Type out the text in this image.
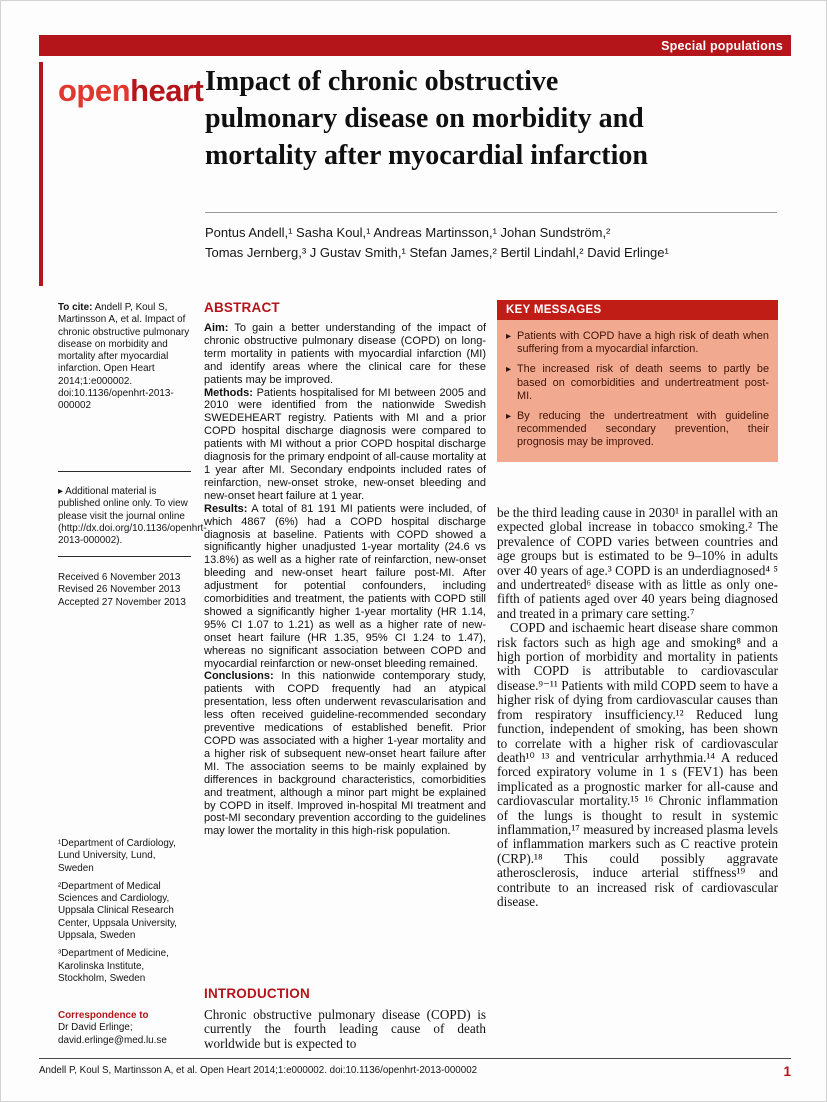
Special populations
openheart Impact of chronic obstructive
pulmonary disease on morbidity and
mortality after myocardial infarction
Pontus Andell,¹ Sasha Koul,¹ Andreas Martinsson,¹ Johan Sundström,²
Tomas Jernberg,³ J Gustav Smith,¹ Stefan James,² Bertil Lindahl,² David Erlinge¹

To cite: Andell P, Koul S, Martinsson A, et al. Impact of chronic obstructive pulmonary disease on morbidity and mortality after myocardial infarction. Open Heart 2014;1:e000002. doi:10.1136/openhrt-2013-000002

▸ Additional material is published online only. To view please visit the journal online (http://dx.doi.org/10.1136/openhrt-2013-000002).

Received 6 November 2013

Revised 26 November 2013

Accepted 27 November 2013

¹Department of Cardiology, Lund University, Lund, Sweden

²Department of Medical Sciences and Cardiology, Uppsala Clinical Research Center, Uppsala University, Uppsala, Sweden

³Department of Medicine, Karolinska Institute, Stockholm, Sweden

Correspondence to
Dr David Erlinge; david.erlinge@med.lu.se
ABSTRACT

Aim: To gain a better understanding of the impact of chronic obstructive pulmonary disease (COPD) on long-term mortality in patients with myocardial infarction (MI) and identify areas where the clinical care for these patients may be improved.

Methods: Patients hospitalised for MI between 2005 and 2010 were identified from the nationwide Swedish SWEDEHEART registry. Patients with MI and a prior COPD hospital discharge diagnosis were compared to patients with MI without a prior COPD hospital discharge diagnosis for the primary endpoint of all-cause mortality at 1 year after MI. Secondary endpoints included rates of reinfarction, new-onset stroke, new-onset bleeding and new-onset heart failure at 1 year.

Results: A total of 81 191 MI patients were included, of which 4867 (6%) had a COPD hospital discharge diagnosis at baseline. Patients with COPD showed a significantly higher unadjusted 1-year mortality (24.6 vs 13.8%) as well as a higher rate of reinfarction, new-onset bleeding and new-onset heart failure post-MI. After adjustment for potential confounders, including comorbidities and treatment, the patients with COPD still showed a significantly higher 1-year mortality (HR 1.14, 95% CI 1.07 to 1.21) as well as a higher rate of new-onset heart failure (HR 1.35, 95% CI 1.24 to 1.47), whereas no significant association between COPD and myocardial reinfarction or new-onset bleeding remained.

Conclusions: In this nationwide contemporary study, patients with COPD frequently had an atypical presentation, less often underwent revascularisation and less often received guideline-recommended secondary preventive medications of established benefit. Prior COPD was associated with a higher 1-year mortality and a higher risk of subsequent new-onset heart failure after MI. The association seems to be mainly explained by differences in background characteristics, comorbidities and treatment, although a minor part might be explained by COPD in itself. Improved in-hospital MI treatment and post-MI secondary prevention according to the guidelines may lower the mortality in this high-risk population.

INTRODUCTION

Chronic obstructive pulmonary disease (COPD) is currently the fourth leading cause of death worldwide but is expected to

KEY MESSAGES
▸ Patients with COPD have a high risk of death when suffering from a myocardial infarction.
▸ The increased risk of death seems to partly be based on comorbidities and undertreatment post-MI.
▸ By reducing the undertreatment with guideline recommended secondary prevention, their prognosis may be improved.

be the third leading cause in 2030¹ in parallel with an expected global increase in tobacco smoking.² The prevalence of COPD varies between countries and age groups but is estimated to be 9–10% in adults over 40 years of age.³ COPD is an underdiagnosed⁴ ⁵ and undertreated⁶ disease with as little as only one-fifth of patients aged over 40 years being diagnosed and treated in a primary care setting.⁷

COPD and ischaemic heart disease share common risk factors such as high age and smoking⁸ and a high portion of morbidity and mortality in patients with COPD is attributable to cardiovascular disease.⁹⁻¹¹ Patients with mild COPD seem to have a higher risk of dying from cardiovascular causes than from respiratory insufficiency.¹² Reduced lung function, independent of smoking, has been shown to correlate with a higher risk of cardiovascular death¹⁰ ¹³ and ventricular arrhythmia.¹⁴ A reduced forced expiratory volume in 1 s (FEV1) has been implicated as a prognostic marker for all-cause and cardiovascular mortality.¹⁵ ¹⁶ Chronic inflammation of the lungs is thought to result in systemic inflammation,¹⁷ measured by increased plasma levels of inflammation markers such as C reactive protein (CRP).¹⁸ This could possibly aggravate atherosclerosis, induce arterial stiffness¹⁹ and contribute to an increased risk of cardiovascular disease.

Andell P, Koul S, Martinsson A, et al. Open Heart 2014;1:e000002. doi:10.1136/openhrt-2013-000002	1
